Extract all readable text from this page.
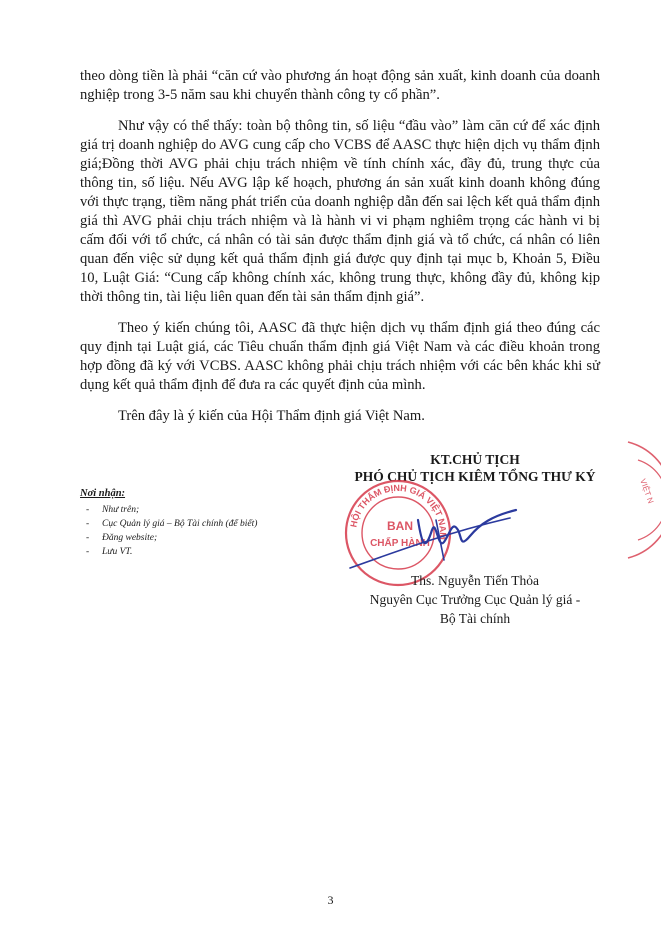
theo dòng tiền là phải “căn cứ vào phương án hoạt động sản xuất, kinh doanh của doanh nghiệp trong 3-5 năm sau khi chuyển thành công ty cổ phần”.

Như vậy có thể thấy: toàn bộ thông tin, số liệu “đầu vào” làm căn cứ để xác định giá trị doanh nghiệp do AVG cung cấp cho VCBS để AASC thực hiện dịch vụ thẩm định giá;Đồng thời AVG phải chịu trách nhiệm về tính chính xác, đầy đủ, trung thực của thông tin, số liệu. Nếu AVG lập kế hoạch, phương án sản xuất kinh doanh không đúng với thực trạng, tiềm năng phát triển của doanh nghiệp dẫn đến sai lệch kết quả thẩm định giá thì AVG phải chịu trách nhiệm và là hành vi vi phạm nghiêm trọng các hành vi bị cấm đối với tổ chức, cá nhân có tài sản được thẩm định giá và tổ chức, cá nhân có liên quan đến việc sử dụng kết quả thẩm định giá được quy định tại mục b, Khoản 5, Điều 10, Luật Giá: “Cung cấp không chính xác, không trung thực, không đầy đủ, không kịp thời thông tin, tài liệu liên quan đến tài sản thẩm định giá”.

Theo ý kiến chúng tôi, AASC đã thực hiện dịch vụ thẩm định giá theo đúng các quy định tại Luật giá, các Tiêu chuẩn thẩm định giá Việt Nam và các điều khoản trong hợp đồng đã ký với VCBS. AASC không phải chịu trách nhiệm với các bên khác khi sử dụng kết quả thẩm định để đưa ra các quyết định của mình.

Trên đây là ý kiến của Hội Thẩm định giá Việt Nam.

Nơi nhận:
- Như trên;
- Cục Quản lý giá – Bộ Tài chính (để biết)
- Đăng website;
- Lưu VT.
KT.CHỦ TỊCH
PHÓ CHỦ TỊCH KIÊM TỔNG THƯ KÝ
HỘI THẨM ĐỊNH GIÁ VIỆT NAM
BAN
CHẤP HÀNH
VIỆT N
Ths. Nguyễn Tiến Thỏa
Nguyên Cục Trưởng Cục Quản lý giá -
Bộ Tài chính
3
